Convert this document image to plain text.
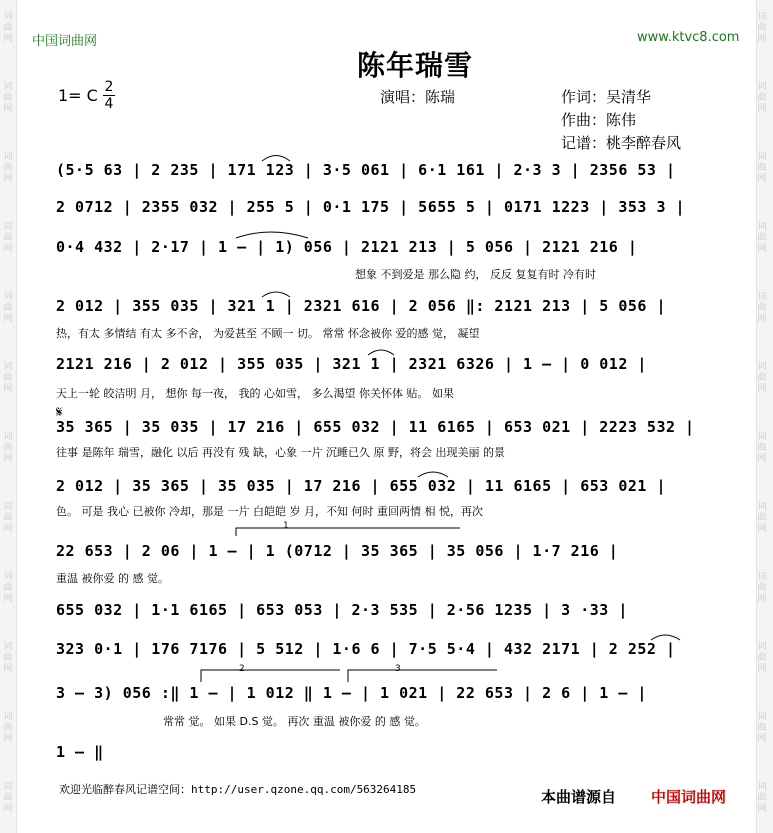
词
曲
网
词
曲
网
词
曲
网
词
曲
网
词
曲
网
词
曲
网
词
曲
网
词
曲
网
词
曲
网
词
曲
网
词
曲
网
词
曲
网
词
曲
网
词
曲
网
词
曲
网
词
曲
网
词
曲
网
词
曲
网
词
曲
网
词
曲
网
词
曲
网
词
曲
网
词
曲
网
词
曲
网
中国词曲网	www.ktvc8.com
陈年瑞雪
1= C 2
4	演唱：陈瑞	作词：吴清华
作曲：陈伟
记谱：桃李醉春风
(5·5 63 | 2 235 | 171 123 | 3·5 061 | 6·1 161 | 2·3 3 | 2356 53 |
2 0712 | 2355 032 | 255 5 | 0·1 175 | 5655 5 | 0171 1223 | 353 3 |
0·4 432 | 2·17 | 1 – | 1) 056 | 2121 213 | 5 056 | 2121 216 |
想象 不到爱是 那么隐 约， 反反 复复有时 冷有时
2 012 | 355 035 | 321 1 | 2321 616 | 2 056 ‖: 2121 213 | 5 056 |
热，有太 多情结 有太 多不舍， 为爱甚至 不顾一 切。 常常 怀念被你 爱的感 觉， 凝望
2121 216 | 2 012 | 355 035 | 321 1 | 2321 6326 | 1 – | 0 012 |
天上一轮 皎洁明 月， 想你 每一夜， 我的 心如雪， 多么渴望 你关怀体 贴。 如果
𝄋
35 365 | 35 035 | 17 216 | 655 032 | 11 6165 | 653 021 | 2223 532 |
往事 是陈年 瑞雪，融化 以后 再没有 残 缺，心象 一片 沉睡已久 原 野，将会 出现美丽 的景
2 012 | 35 365 | 35 035 | 17 216 | 655 032 | 11 6165 | 653 021 |
色。 可是 我心 已被你 冷却，那是 一片 白皑皑 岁 月，不知 何时 重回两情 相 悦，再次
1
22 653 | 2 06 | 1 – | 1 (0712 | 35 365 | 35 056 | 1·7 216 |
重温 被你爱 的 感 觉。
655 032 | 1·1 6165 | 653 053 | 2·3 535 | 2·56 1235 | 3 ·33 |
323 0·1 | 176 7176 | 5 512 | 1·6 6 | 7·5 5·4 | 432 2171 | 2 252 |
2	3
3 – 3) 056 :‖ 1 – | 1 012 ‖ 1 – | 1 021 | 22 653 | 2 6 | 1 – |
常常 觉。 如果 D.S 觉。 再次 重温 被你爱 的 感 觉。
1 – ‖
欢迎光临醉春风记谱空间：http://user.qzone.qq.com/563264185	本曲谱源自 中国词曲网
